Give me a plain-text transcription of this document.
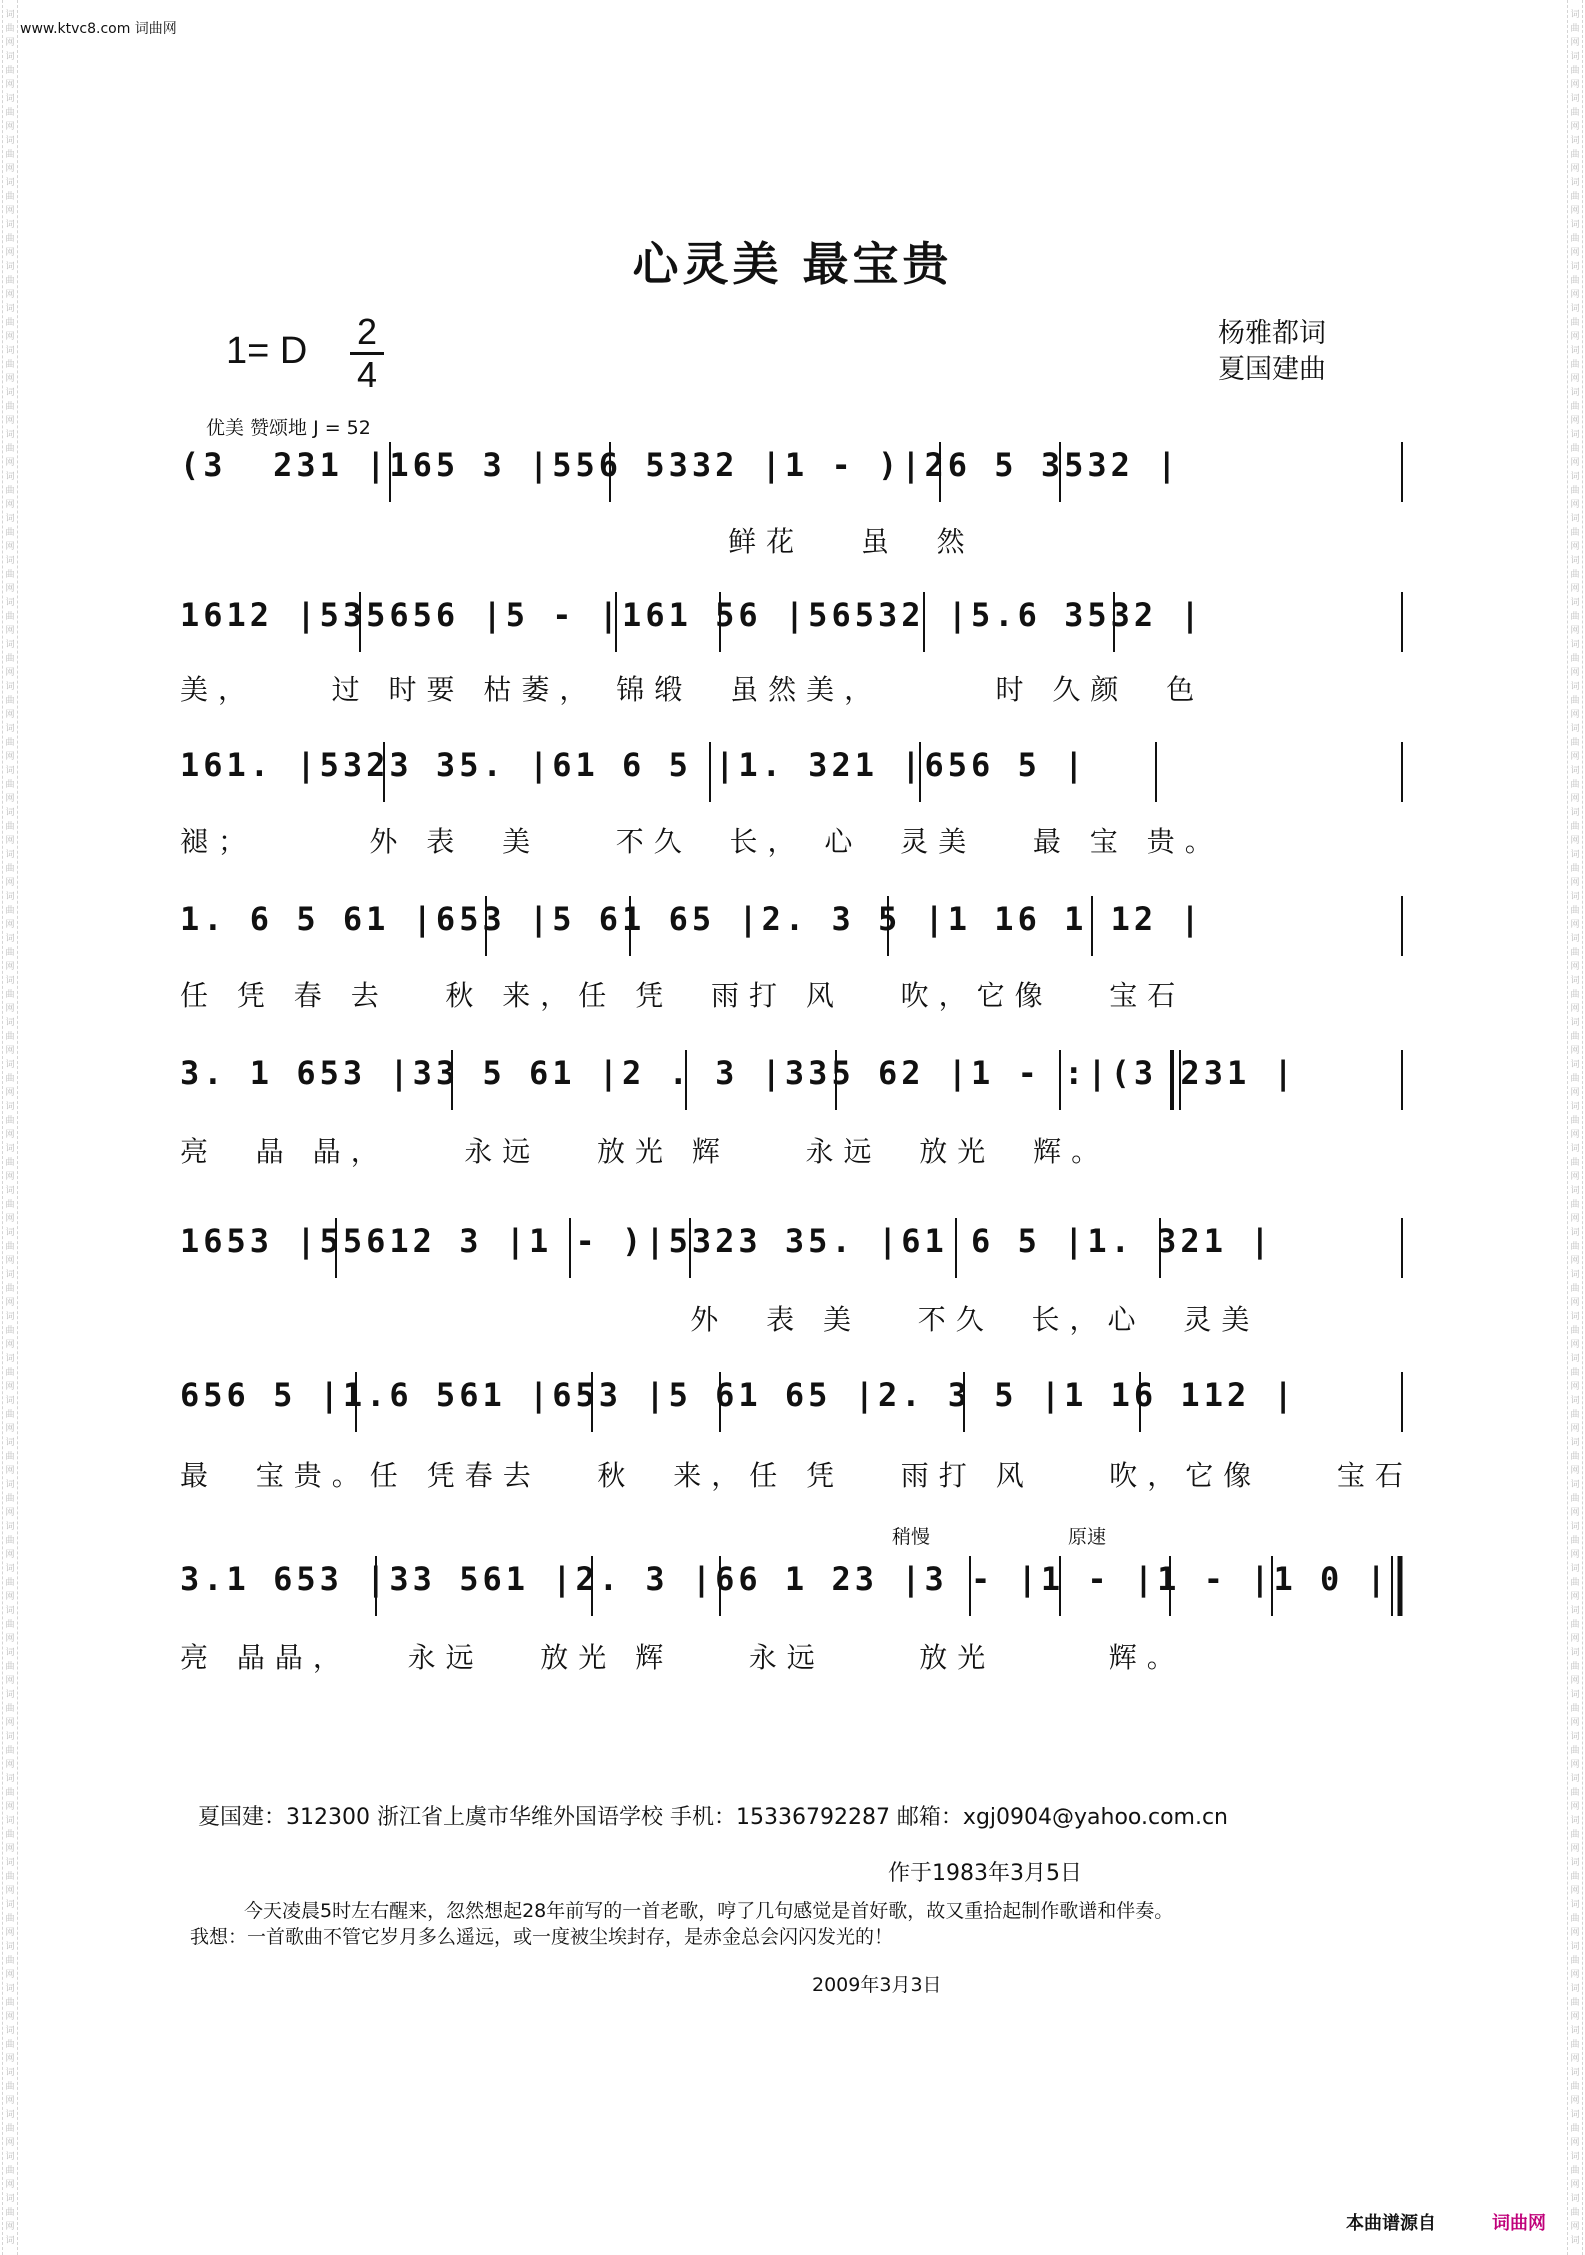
词
曲
网
词
曲
网
词
曲
网
词
曲
网
词
曲
网
词
曲
网
词
曲
网
词
曲
网
词
曲
网
词
曲
网
词
曲
网
词
曲
网
词
曲
网
词
曲
网
词
曲
网
词
曲
网
词
曲
网
词
曲
网
词
曲
网
词
曲
网
词
曲
网
词
曲
网
词
曲
网
词
曲
网
词
曲
网
词
曲
网
词
曲
网
词
曲
网
词
曲
网
词
曲
网
词
曲
网
词
曲
网
词
曲
网
词
曲
网
词
曲
网
词
曲
网
词
曲
网
词
曲
网
词
曲
网
词
曲
网
词
曲
网
词
曲
网
词
曲
网
词
曲
网
词
曲
网
词
曲
网
词
曲
网
词
曲
网
词
曲
网
词
曲
网
词
曲
网
词
曲
网
词
曲
网
词
词
曲
网
词
曲
网
词
曲
网
词
曲
网
词
曲
网
词
曲
网
词
曲
网
词
曲
网
词
曲
网
词
曲
网
词
曲
网
词
曲
网
词
曲
网
词
曲
网
词
曲
网
词
曲
网
词
曲
网
词
曲
网
词
曲
网
词
曲
网
词
曲
网
词
曲
网
词
曲
网
词
曲
网
词
曲
网
词
曲
网
词
曲
网
词
曲
网
词
曲
网
词
曲
网
词
曲
网
词
曲
网
词
曲
网
词
曲
网
词
曲
网
词
曲
网
词
曲
网
词
曲
网
词
曲
网
词
曲
网
词
曲
网
词
曲
网
词
曲
网
词
曲
网
词
曲
网
词
曲
网
词
曲
网
词
曲
网
词
曲
网
词
曲
网
词
曲
网
词
曲
网
词
曲
网
词
www.ktvc8.com 词曲网
心灵美 最宝贵
1= D 2
4
杨雅都词
夏国建曲
优美 赞颂地 J = 52
(3  231 |165 3 |556 5332 |1 - )|26 5 3532 |
鲜花   虽  然
1612 |535656 |5 - |161 56 |56532 |5.6 3532 |
美，    过 时要 枯萎， 锦缎  虽然美，      时 久颜  色
161. |5323 35. |61 6 5 |1. 321 |656 5 |
褪；      外 表  美    不久  长， 心  灵美   最 宝 贵。
1. 6 5 61 |653 |5 61 65 |2. 3 5 |1 16 1 12 |
任 凭 春 去   秋 来，任 凭  雨打 风   吹，它像   宝石
3. 1 653 |33 5 61 |2 . 3 |335 62 |1 - :|(3 231 |
亮  晶 晶，    永远   放光 辉    永远  放光  辉。
1653 |55612 3 |1 - )|5323 35. |61 6 5 |1. 321 |
外  表 美   不久  长，心  灵美
656 5 |1.6 561 |653 |5 61 65 |2. 3 5 |1 16 112 |
最  宝贵。任 凭春去   秋  来，任 凭   雨打 风    吹，它像    宝石
稍慢	原速
3.1 653 |33 561 |2. 3 |66 1 23 |3 - |1 - |1 - |1 0 ||
亮 晶晶，   永远   放光 辉    永远     放光      辉。
夏国建：312300 浙江省上虞市华维外国语学校 手机：15336792287 邮箱：xgj0904@yahoo.com.cn
作于1983年3月5日
今天凌晨5时左右醒来，忽然想起28年前写的一首老歌，哼了几句感觉是首好歌，故又重拾起制作歌谱和伴奏。
我想：一首歌曲不管它岁月多么遥远，或一度被尘埃封存，是赤金总会闪闪发光的！
2009年3月3日
本曲谱源自	词曲网
